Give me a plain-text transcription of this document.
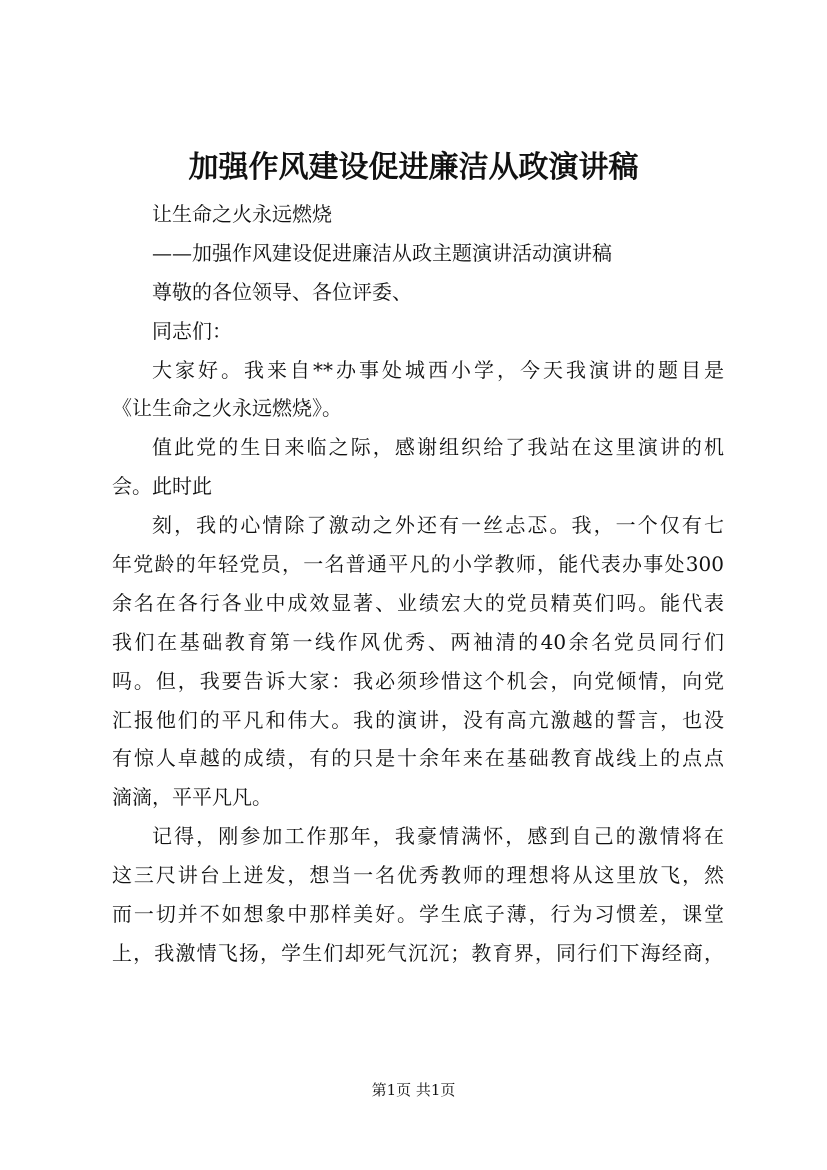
加强作风建设促进廉洁从政演讲稿
让生命之火永远燃烧
——加强作风建设促进廉洁从政主题演讲活动演讲稿
尊敬的各位领导、各位评委、
同志们：
大家好。我来自**办事处城西小学，今天我演讲的题目是
《让生命之火永远燃烧》。
值此党的生日来临之际，感谢组织给了我站在这里演讲的机
会。此时此
刻，我的心情除了激动之外还有一丝忐忑。我，一个仅有七
年党龄的年轻党员，一名普通平凡的小学教师，能代表办事处300
余名在各行各业中成效显著、业绩宏大的党员精英们吗。能代表
我们在基础教育第一线作风优秀、两袖清的40余名党员同行们
吗。但，我要告诉大家：我必须珍惜这个机会，向党倾情，向党
汇报他们的平凡和伟大。我的演讲，没有高亢激越的誓言，也没
有惊人卓越的成绩，有的只是十余年来在基础教育战线上的点点
滴滴，平平凡凡。
记得，刚参加工作那年，我豪情满怀，感到自己的激情将在
这三尺讲台上迸发，想当一名优秀教师的理想将从这里放飞，然
而一切并不如想象中那样美好。学生底子薄，行为习惯差，课堂
上，我激情飞扬，学生们却死气沉沉；教育界，同行们下海经商，
第1页 共1页
